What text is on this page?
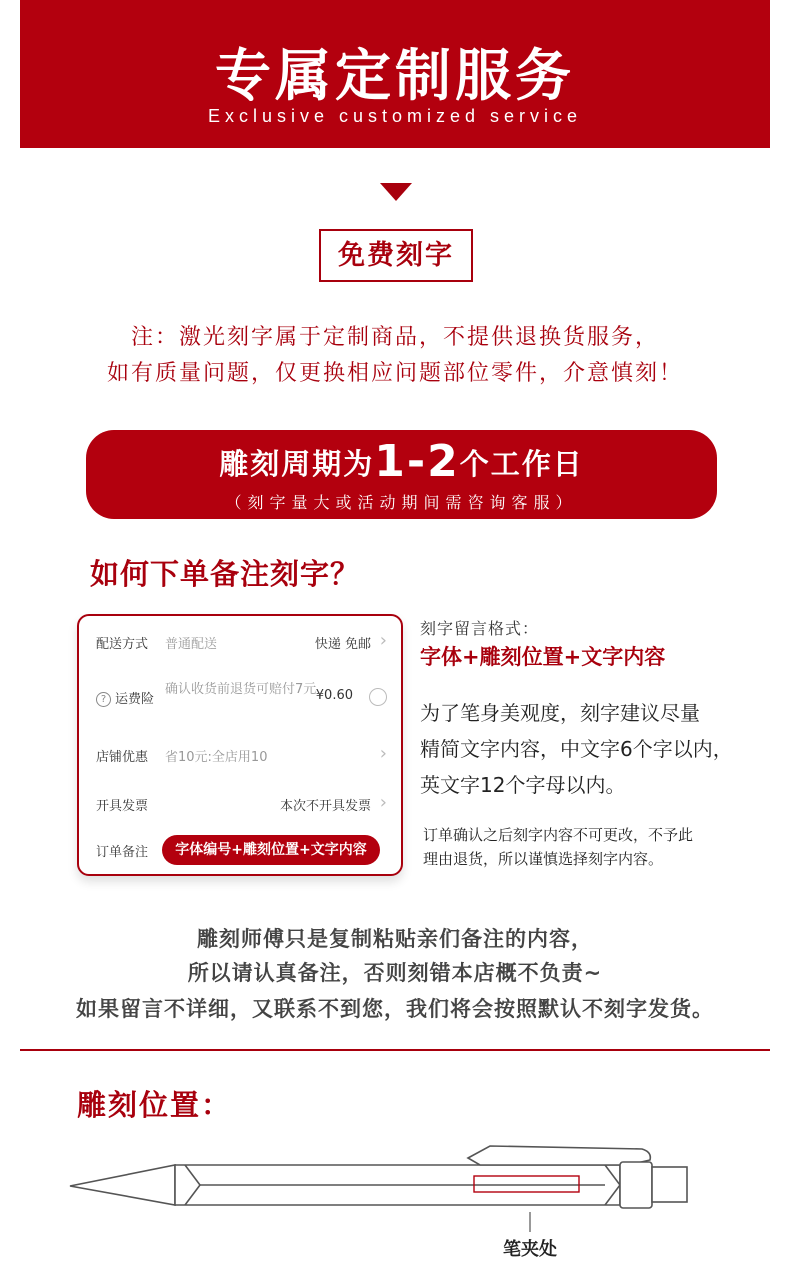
专属定制服务
Exclusive customized service
免费刻字
注：激光刻字属于定制商品，不提供退换货服务，
如有质量问题，仅更换相应问题部位零件，介意慎刻！
雕刻周期为1-2个工作日
（刻字量大或活动期间需咨询客服）
如何下单备注刻字？
配送方式 普通配送	快递 免邮 ›
? 运费险
确认收货前退货可赔付7元 ¥0.60
店铺优惠 省10元:全店用10	›
开具发票	本次不开具发票 ›
订单备注	字体编号+雕刻位置+文字内容
刻字留言格式：
字体+雕刻位置+文字内容
为了笔身美观度，刻字建议尽量
精简文字内容，中文字6个字以内，
英文字12个字母以内。
订单确认之后刻字内容不可更改，不予此
理由退货，所以谨慎选择刻字内容。
雕刻师傅只是复制粘贴亲们备注的内容，
所以请认真备注，否则刻错本店概不负责~
如果留言不详细，又联系不到您，我们将会按照默认不刻字发货。
雕刻位置：
笔夹处
